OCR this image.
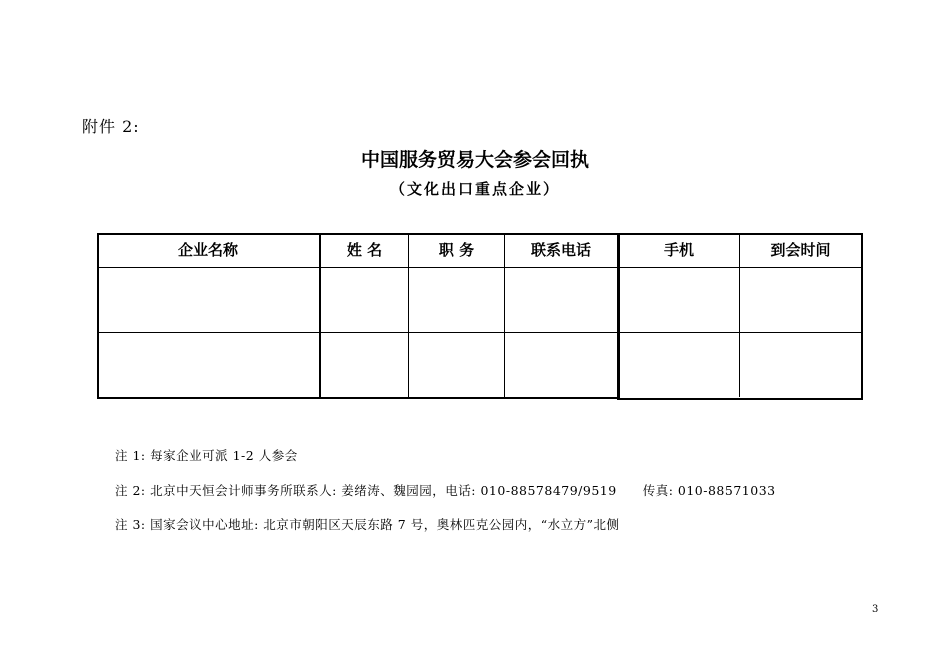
附件 2:
中国服务贸易大会参会回执
（文化出口重点企业）
企业名称	姓 名	职 务	联系电话	手机	到会时间
注 1: 每家企业可派 1-2 人参会
注 2: 北京中天恒会计师事务所联系人: 姜绪涛、魏园园，电话: 010-88578479/9519　　传真: 010-88571033
注 3: 国家会议中心地址: 北京市朝阳区天辰东路 7 号，奥林匹克公园内，“水立方”北侧
3
